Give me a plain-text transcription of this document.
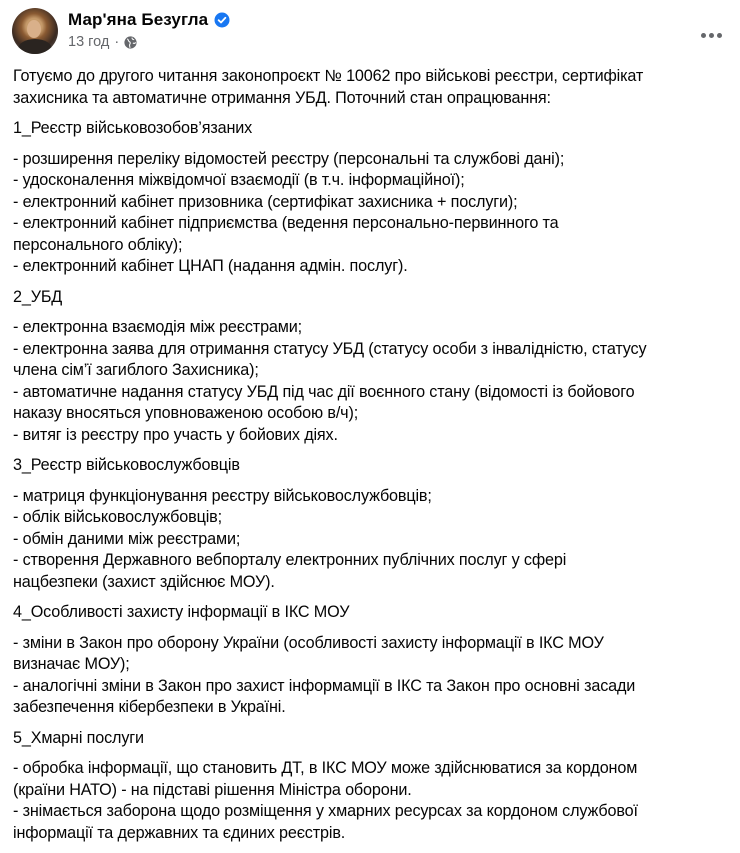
Мар'яна Безугла
13 год ·
Готуємо до другого читання законопроєкт № 10062 про військові реєстри, сертифікат
захисника та автоматичне отримання УБД. Поточний стан опрацювання:
1_Реєстр військовозобов’язаних
- розширення переліку відомостей реєстру (персональні та службові дані);
- удосконалення міжвідомчої взаємодії (в т.ч. інформаційної);
- електронний кабінет призовника (сертифікат захисника + послуги);
- електронний кабінет підприємства (ведення персонально-первинного та
персонального обліку);
- електронний кабінет ЦНАП (надання адмін. послуг).
2_УБД
- електронна взаємодія між реєстрами;
- електронна заява для отримання статусу УБД (статусу особи з інвалідністю, статусу
члена сім’ї загиблого Захисника);
- автоматичне надання статусу УБД під час дії воєнного стану (відомості із бойового
наказу вносяться уповноваженою особою в/ч);
- витяг із реєстру про участь у бойових діях.
3_Реєстр військовослужбовців
- матриця функціонування реєстру військовослужбовців;
- облік військовослужбовців;
- обмін даними між реєстрами;
- створення Державного вебпорталу електронних публічних послуг у сфері
нацбезпеки (захист здійснює МОУ).
4_Особливості захисту інформації в ІКС МОУ
- зміни в Закон про оборону України (особливості захисту інформації в ІКС МОУ
визначає МОУ);
- аналогічні зміни в Закон про захист інформамції в ІКС та Закон про основні засади
забезпечення кібербезпеки в Україні.
5_Хмарні послуги
- обробка інформації, що становить ДТ, в ІКС МОУ може здійснюватися за кордоном
(країни НАТО) - на підставі рішення Міністра оборони.
- знімається заборона щодо розміщення у хмарних ресурсах за кордоном службової
інформації та державних та єдиних реєстрів.
